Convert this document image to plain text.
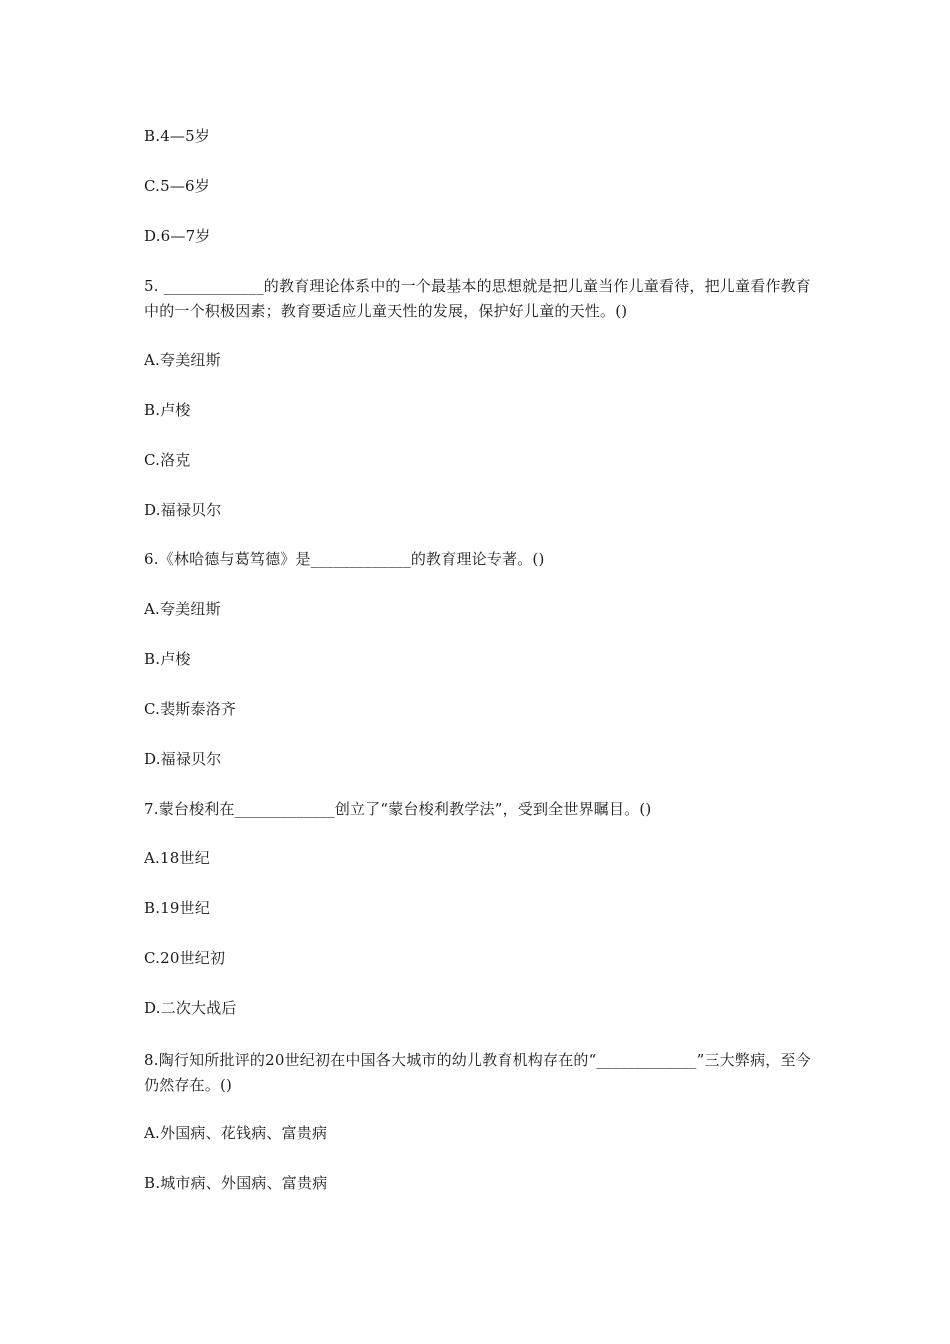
B.4—5岁
C.5—6岁
D.6—7岁
5. _____________的教育理论体系中的一个最基本的思想就是把儿童当作儿童看待，把儿童看作教育中的一个积极因素；教育要适应儿童天性的发展，保护好儿童的天性。()
A.夸美纽斯
B.卢梭
C.洛克
D.福禄贝尔
6.《林哈德与葛笃德》是_____________的教育理论专著。()
A.夸美纽斯
B.卢梭
C.裴斯泰洛齐
D.福禄贝尔
7.蒙台梭利在_____________创立了“蒙台梭利教学法”，受到全世界瞩目。()
A.18世纪
B.19世纪
C.20世纪初
D.二次大战后
8.陶行知所批评的20世纪初在中国各大城市的幼儿教育机构存在的“_____________”三大弊病，至今仍然存在。()
A.外国病、花钱病、富贵病
B.城市病、外国病、富贵病
